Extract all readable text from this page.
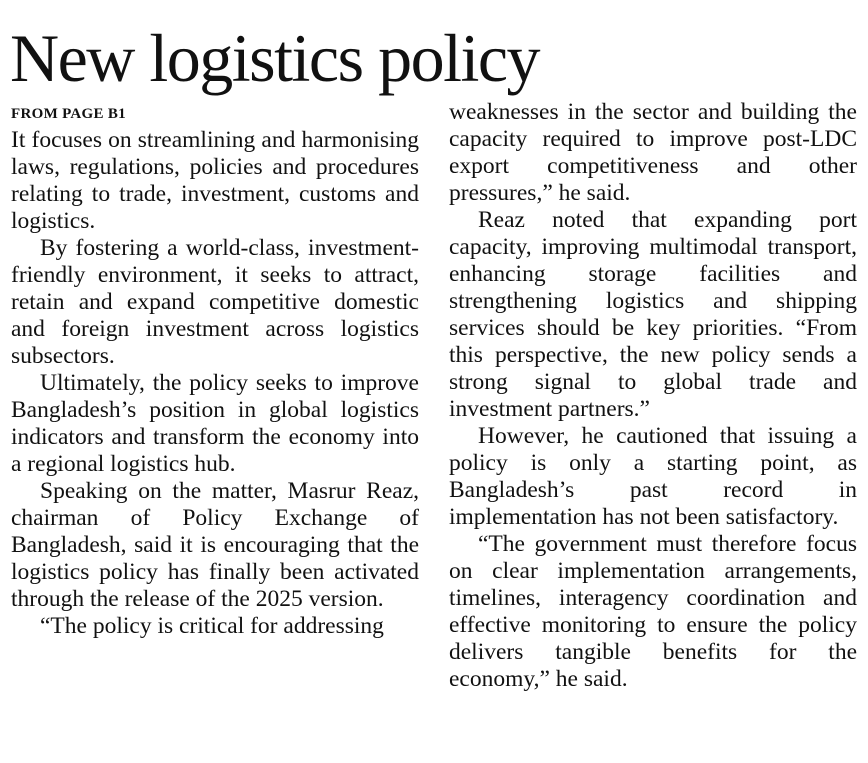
New logistics policy
FROM PAGE B1

It focuses on streamlining and harmonising laws, regulations, policies and procedures relating to trade, investment, customs and logistics.

By fostering a world-class, investment-friendly environment, it seeks to attract, retain and expand competitive domestic and foreign investment across logistics subsectors.

Ultimately, the policy seeks to improve Bangladesh’s position in global logistics indicators and transform the economy into a regional logistics hub.

Speaking on the matter, Masrur Reaz, chairman of Policy Exchange of Bangladesh, said it is encouraging that the logistics policy has finally been activated through the release of the 2025 version.

“The policy is critical for addressing

weaknesses in the sector and building the capacity required to improve post-LDC export competitiveness and other pressures,” he said.

Reaz noted that expanding port capacity, improving multimodal transport, enhancing storage facilities and strengthening logistics and shipping services should be key priorities. “From this perspective, the new policy sends a strong signal to global trade and investment partners.”

However, he cautioned that issuing a policy is only a starting point, as Bangladesh’s past record in implementation has not been satisfactory.

“The government must therefore focus on clear implementation arrangements, timelines, interagency coordination and effective monitoring to ensure the policy delivers tangible benefits for the economy,” he said.
